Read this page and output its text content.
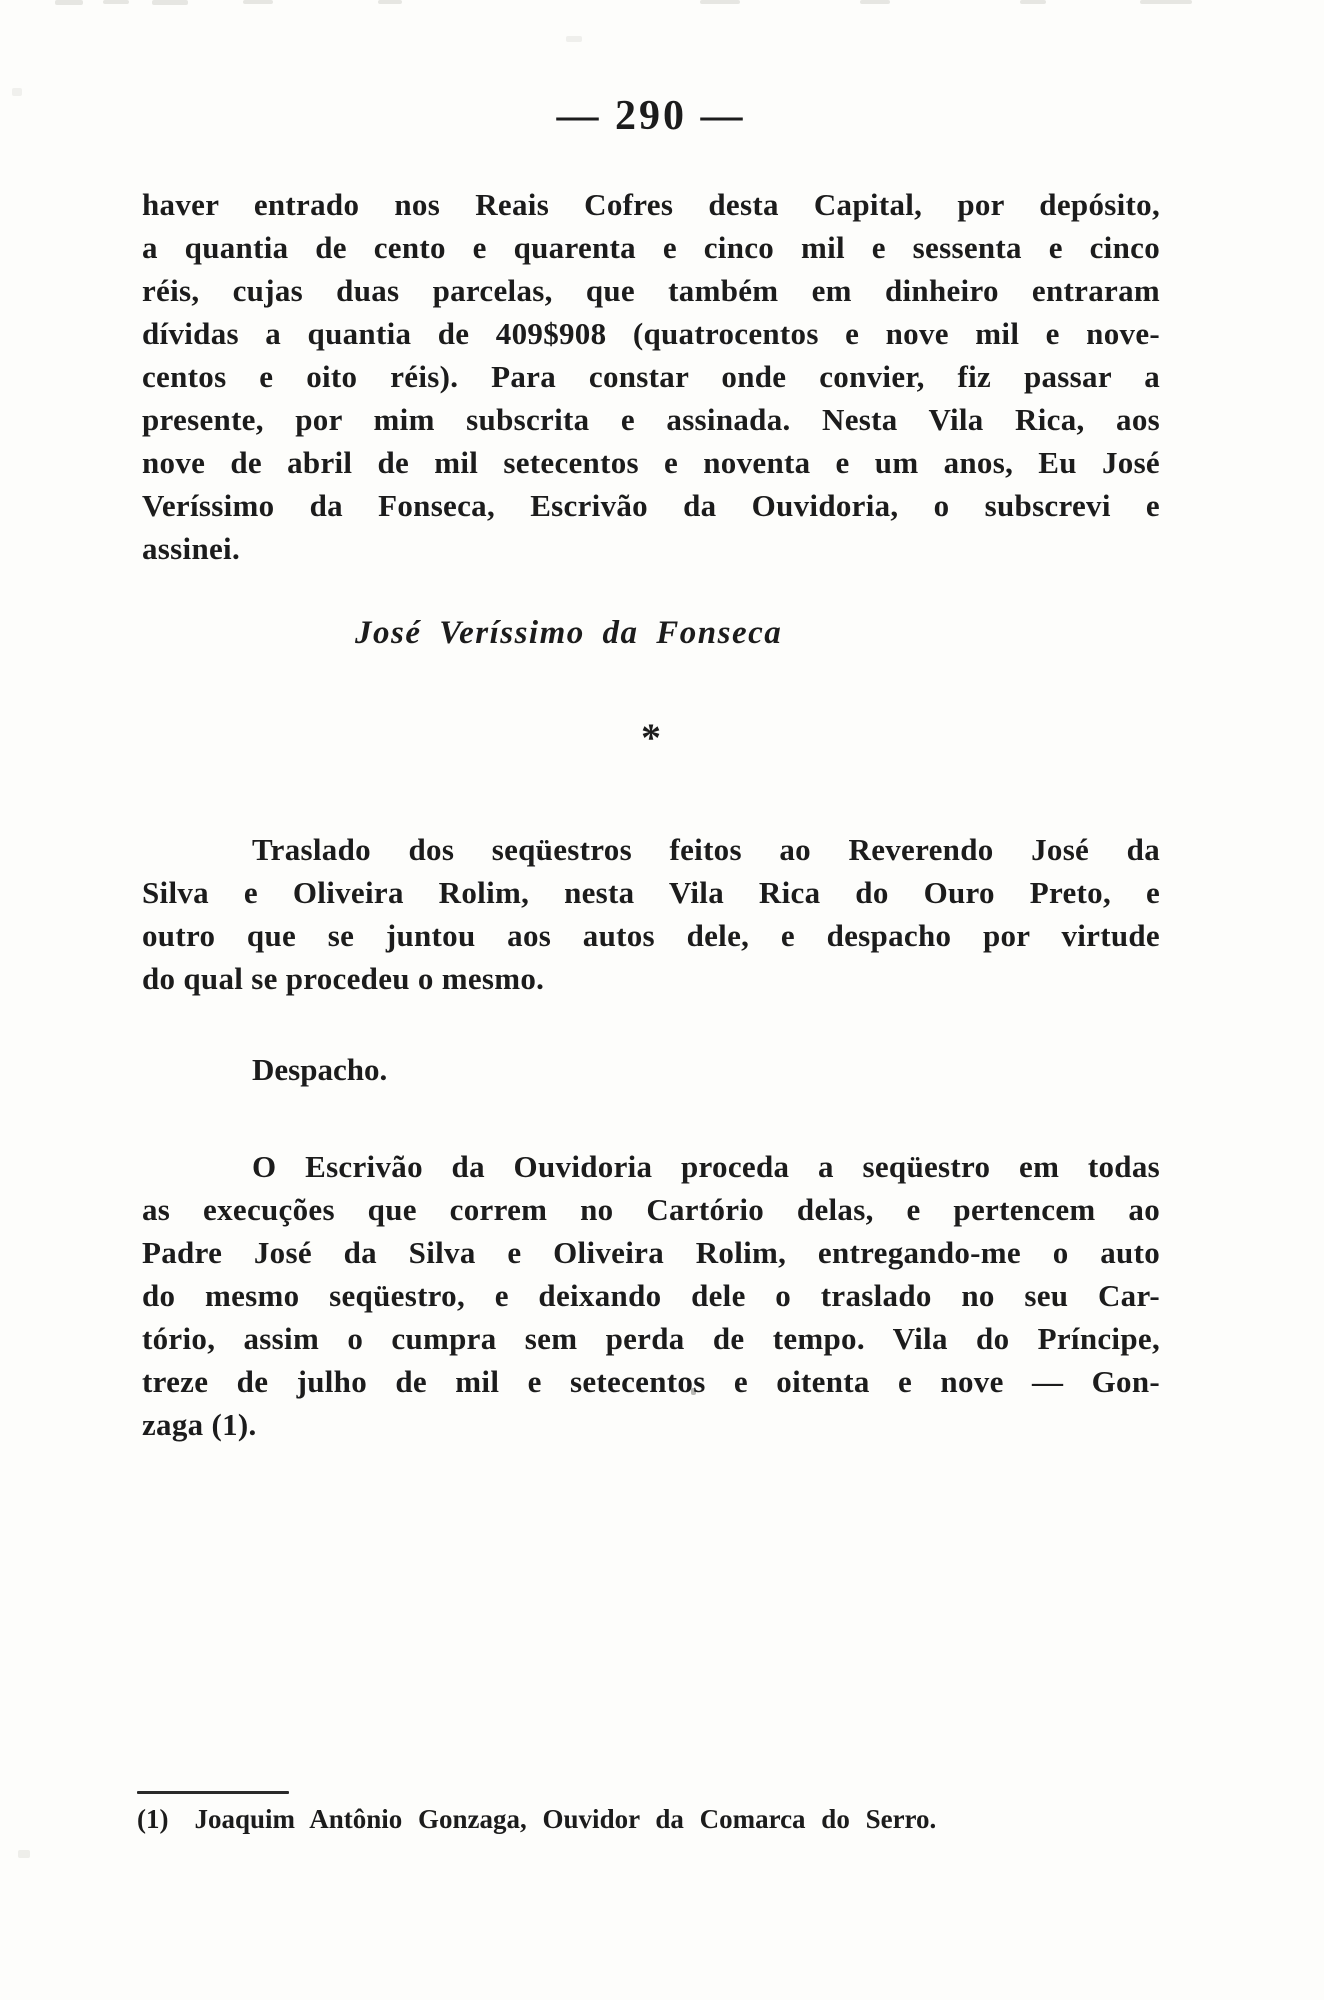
— 290 —
haver entrado nos Reais Cofres desta Capital, por depósito,
a quantia de cento e quarenta e cinco mil e sessenta e cinco
réis, cujas duas parcelas, que também em dinheiro entraram
dívidas a quantia de 409$908 (quatrocentos e nove mil e nove-
centos e oito réis). Para constar onde convier, fiz passar a
presente, por mim subscrita e assinada. Nesta Vila Rica, aos
nove de abril de mil setecentos e noventa e um anos, Eu José
Veríssimo da Fonseca, Escrivão da Ouvidoria, o subscrevi e
assinei.
José Veríssimo da Fonseca
*
Traslado dos seqüestros feitos ao Reverendo José da
Silva e Oliveira Rolim, nesta Vila Rica do Ouro Preto, e
outro que se juntou aos autos dele, e despacho por virtude
do qual se procedeu o mesmo.
Despacho.
O Escrivão da Ouvidoria proceda a seqüestro em todas
as execuções que correm no Cartório delas, e pertencem ao
Padre José da Silva e Oliveira Rolim, entregando-me o auto
do mesmo seqüestro, e deixando dele o traslado no seu Car-
tório, assim o cumpra sem perda de tempo. Vila do Príncipe,
treze de julho de mil e setecentos e oitenta e nove — Gon-
zaga (1).
(1) Joaquim Antônio Gonzaga, Ouvidor da Comarca do Serro.
